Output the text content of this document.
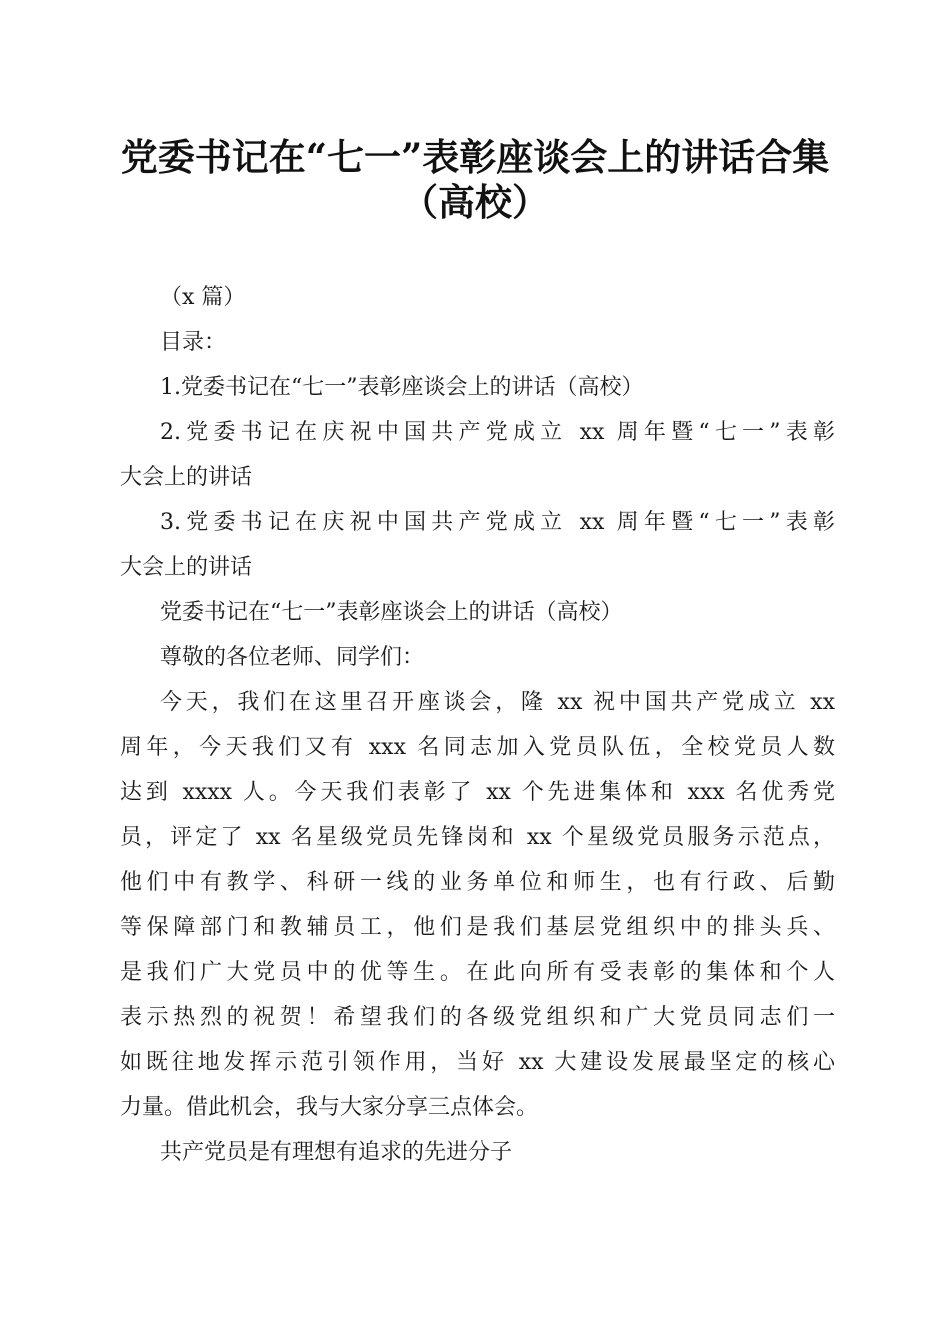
党委书记在“七一”表彰座谈会上的讲话合集
（高校）
（x 篇）
目录：
1.党委书记在“七一”表彰座谈会上的讲话（高校）
2.党委书记在庆祝中国共产党成立 xx 周年暨“七一”表彰
大会上的讲话
3.党委书记在庆祝中国共产党成立 xx 周年暨“七一”表彰
大会上的讲话
党委书记在“七一”表彰座谈会上的讲话（高校）
尊敬的各位老师、同学们：
今天，我们在这里召开座谈会，隆 xx 祝中国共产党成立 xx
周年，今天我们又有 xxx 名同志加入党员队伍，全校党员人数
达到 xxxx 人。今天我们表彰了 xx 个先进集体和 xxx 名优秀党
员，评定了 xx 名星级党员先锋岗和 xx 个星级党员服务示范点，
他们中有教学、科研一线的业务单位和师生，也有行政、后勤
等保障部门和教辅员工，他们是我们基层党组织中的排头兵、
是我们广大党员中的优等生。在此向所有受表彰的集体和个人
表示热烈的祝贺！希望我们的各级党组织和广大党员同志们一
如既往地发挥示范引领作用，当好 xx 大建设发展最坚定的核心
力量。借此机会，我与大家分享三点体会。
共产党员是有理想有追求的先进分子
